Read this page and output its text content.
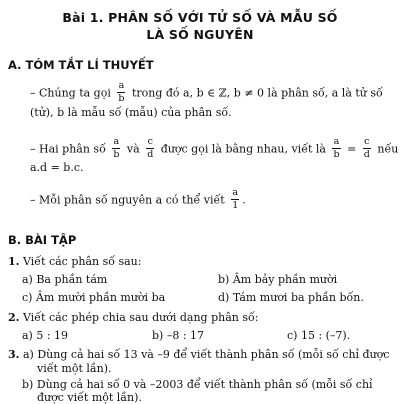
Bài 1. PHÂN SỐ VỚI TỬ SỐ VÀ MẪU SỐ
LÀ SỐ NGUYÊN
A. TÓM TẮT LÍ THUYẾT
– Chúng ta gọi $\frac{a}{b}$ trong đó a, b ∈ ℤ, b ≠ 0 là phân số, a là tử số
(tử), b là mẫu số (mẫu) của phân số.
– Hai phân số $\frac{a}{b}$ và $\frac{c}{d}$ được gọi là bằng nhau, viết là $\frac{a}{b} = \frac{c}{d}$ nếu
a.d = b.c.
– Mỗi phân số nguyên a có thể viết $\frac{a}{1}$ .
B. BÀI TẬP
1. Viết các phân số sau:
a) Ba phần tám	b) Âm bảy phần mười
c) Âm mười phần mười ba	d) Tám mươi ba phần bốn.
2. Viết các phép chia sau dưới dạng phân số:
a) 5 : 19	b) –8 : 17	c) 15 : (–7).
3. a) Dùng cả hai số 13 và –9 để viết thành phân số (mỗi số chỉ được
viết một lần).
b) Dùng cả hai số 0 và –2003 để viết thành phân số (mỗi số chỉ
được viết một lần).
